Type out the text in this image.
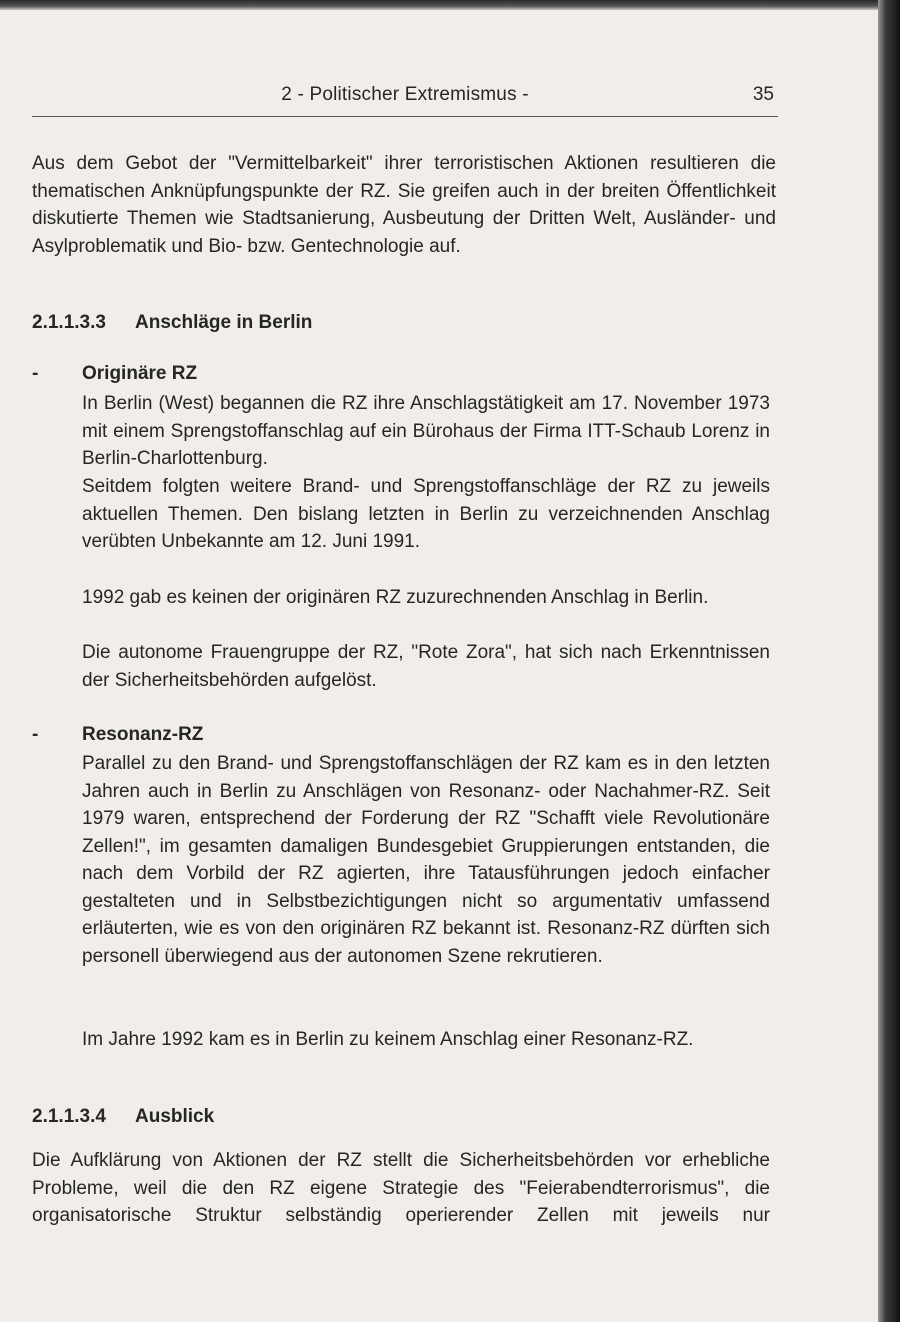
2 - Politischer Extremismus -	35

Aus dem Gebot der "Vermittelbarkeit" ihrer terroristischen Aktionen resultieren die thematischen Anknüpfungspunkte der RZ. Sie greifen auch in der breiten Öffentlichkeit diskutierte Themen wie Stadtsanierung, Ausbeutung der Dritten Welt, Ausländer- und Asylproblematik und Bio- bzw. Gentechnologie auf.

2.1.1.3.3 Anschläge in Berlin
- Originäre RZ

In Berlin (West) begannen die RZ ihre Anschlagstätigkeit am 17. November 1973 mit einem Sprengstoffanschlag auf ein Bürohaus der Firma ITT-Schaub Lorenz in Berlin-Charlottenburg.

Seitdem folgten weitere Brand- und Sprengstoffanschläge der RZ zu jeweils aktuellen Themen. Den bislang letzten in Berlin zu verzeichnenden Anschlag verübten Unbekannte am 12. Juni 1991.

1992 gab es keinen der originären RZ zuzurechnenden Anschlag in Berlin.

Die autonome Frauengruppe der RZ, "Rote Zora", hat sich nach Erkenntnissen der Sicherheitsbehörden aufgelöst.

- Resonanz-RZ

Parallel zu den Brand- und Sprengstoffanschlägen der RZ kam es in den letzten Jahren auch in Berlin zu Anschlägen von Resonanz- oder Nachahmer-RZ. Seit 1979 waren, entsprechend der Forderung der RZ "Schafft viele Revolutionäre Zellen!", im gesamten damaligen Bundesgebiet Gruppierungen entstanden, die nach dem Vorbild der RZ agierten, ihre Tatausführungen jedoch einfacher gestalteten und in Selbstbezichtigungen nicht so argumentativ umfassend erläuterten, wie es von den originären RZ bekannt ist. Resonanz-RZ dürften sich personell überwiegend aus der autonomen Szene rekrutieren.

Im Jahre 1992 kam es in Berlin zu keinem Anschlag einer Resonanz-RZ.

2.1.1.3.4 Ausblick

Die Aufklärung von Aktionen der RZ stellt die Sicherheitsbehörden vor erhebliche Probleme, weil die den RZ eigene Strategie des "Feierabendterrorismus", die organisatorische Struktur selbständig operierender Zellen mit jeweils nur
